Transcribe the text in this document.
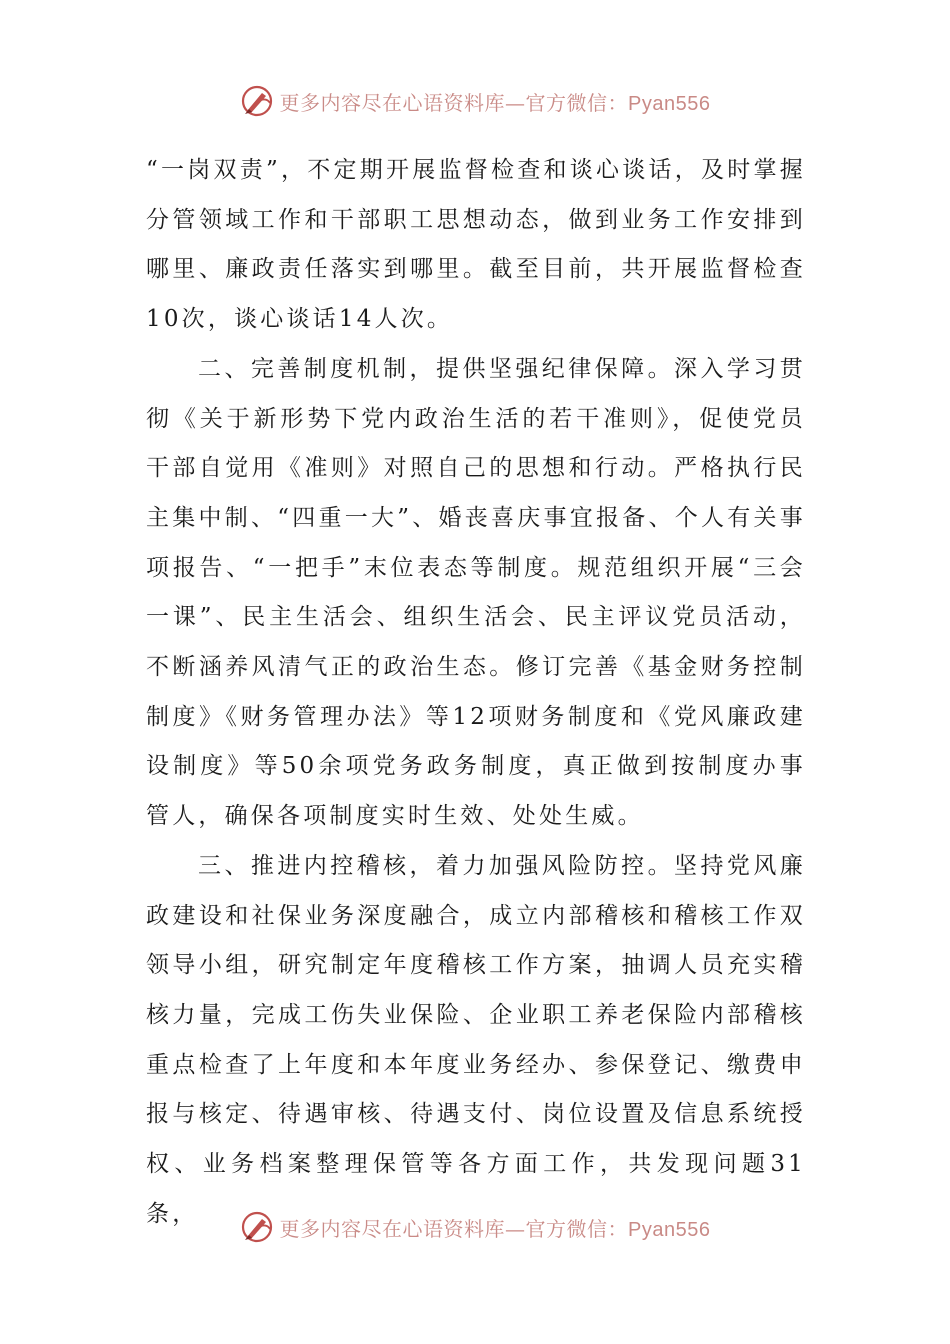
更多内容尽在心语资料库—官方微信：Pyan556

“一岗双责”，不定期开展监督检查和谈心谈话，及时掌握分管领域工作和干部职工思想动态，做到业务工作安排到哪里、廉政责任落实到哪里。截至目前，共开展监督检查10次，谈心谈话14人次。

二、完善制度机制，提供坚强纪律保障。深入学习贯彻《关于新形势下党内政治生活的若干准则》，促使党员干部自觉用《准则》对照自己的思想和行动。严格执行民主集中制、“四重一大”、婚丧喜庆事宜报备、个人有关事项报告、“一把手”末位表态等制度。规范组织开展“三会一课”、民主生活会、组织生活会、民主评议党员活动，不断涵养风清气正的政治生态。修订完善《基金财务控制制度》《财务管理办法》等12项财务制度和《党风廉政建设制度》等50余项党务政务制度，真正做到按制度办事管人，确保各项制度实时生效、处处生威。

三、推进内控稽核，着力加强风险防控。坚持党风廉政建设和社保业务深度融合，成立内部稽核和稽核工作双领导小组，研究制定年度稽核工作方案，抽调人员充实稽核力量，完成工伤失业保险、企业职工养老保险内部稽核重点检查了上年度和本年度业务经办、参保登记、缴费申报与核定、待遇审核、待遇支付、岗位设置及信息系统授权、业务档案整理保管等各方面工作，共发现问题31条，

更多内容尽在心语资料库—官方微信：Pyan556
